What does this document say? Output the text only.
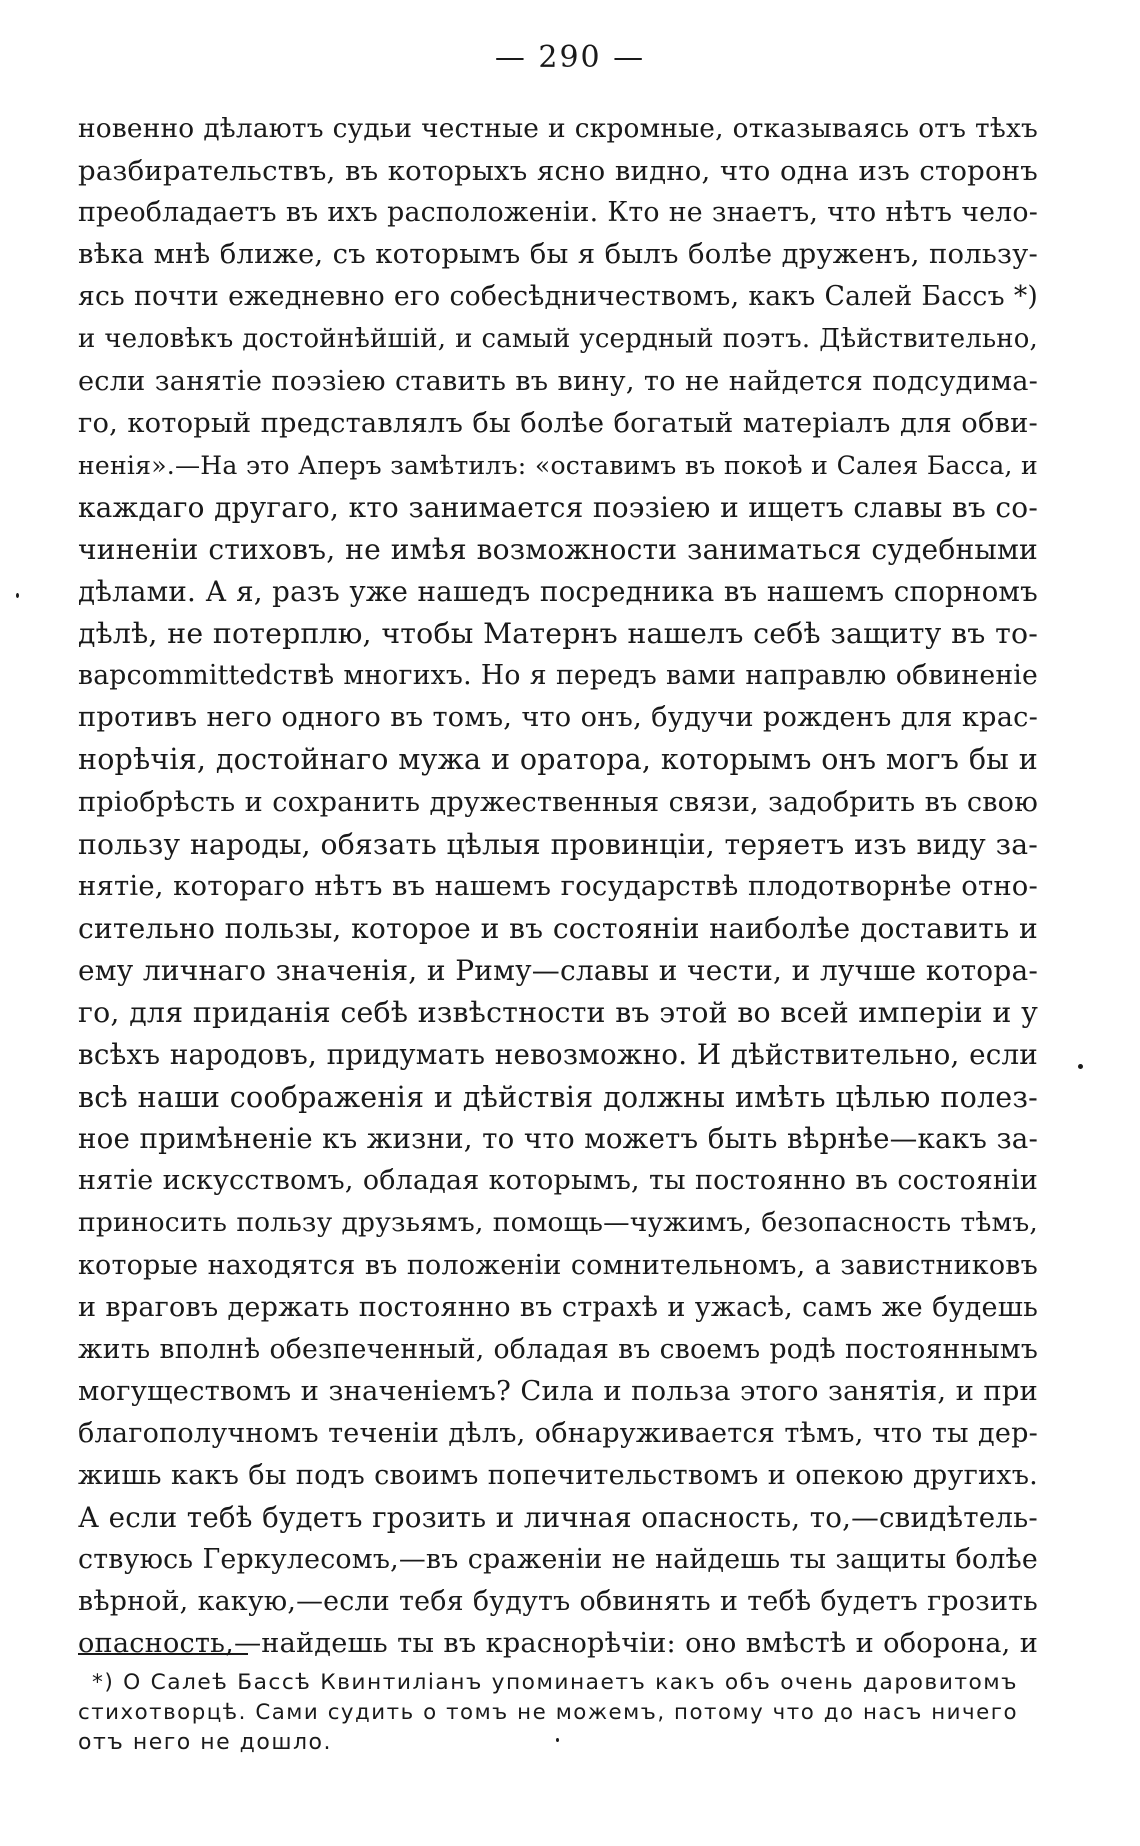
— 290 —
новенно дѣлаютъ судьи честные и скромные, отказываясь отъ тѣхъ
разбирательствъ, въ которыхъ ясно видно, что одна изъ сторонъ
преобладаетъ въ ихъ расположеніи. Кто не знаетъ, что нѣтъ чело-
вѣка мнѣ ближе, съ которымъ бы я былъ болѣе друженъ, пользу-
ясь почти ежедневно его собесѣдничествомъ, какъ Салей Бассъ *)
и человѣкъ достойнѣйшій, и самый усердный поэтъ. Дѣйствительно,
если занятіе поэзіею ставить въ вину, то не найдется подсудима-
го, который представлялъ бы болѣе богатый матеріалъ для обви-
ненія».—На это Аперъ замѣтилъ: «оставимъ въ покоѣ и Салея Басса, и
каждаго другаго, кто занимается поэзіею и ищетъ славы въ со-
чиненіи стиховъ, не имѣя возможности заниматься судебными
дѣлами. А я, разъ уже нашедъ посредника въ нашемъ спорномъ
дѣлѣ, не потерплю, чтобы Матернъ нашелъ себѣ защиту въ то-
варcommittedствѣ многихъ. Но я передъ вами направлю обвиненіе
противъ него одного въ томъ, что онъ, будучи рожденъ для крас-
норѣчія, достойнаго мужа и оратора, которымъ онъ могъ бы и
пріобрѣсть и сохранить дружественныя связи, задобрить въ свою
пользу народы, обязать цѣлыя провинціи, теряетъ изъ виду за-
нятіе, котораго нѣтъ въ нашемъ государствѣ плодотворнѣе отно-
сительно пользы, которое и въ состояніи наиболѣе доставить и
ему личнаго значенія, и Риму—славы и чести, и лучше котора-
го, для приданія себѣ извѣстности въ этой во всей имперіи и у
всѣхъ народовъ, придумать невозможно. И дѣйствительно, если
всѣ наши соображенія и дѣйствія должны имѣть цѣлью полез-
ное примѣненіе къ жизни, то что можетъ быть вѣрнѣе—какъ за-
нятіе искусствомъ, обладая которымъ, ты постоянно въ состояніи
приносить пользу друзьямъ, помощь—чужимъ, безопасность тѣмъ,
которые находятся въ положеніи сомнительномъ, а завистниковъ
и враговъ держать постоянно въ страхѣ и ужасѣ, самъ же будешь
жить вполнѣ обезпеченный, обладая въ своемъ родѣ постояннымъ
могуществомъ и значеніемъ? Сила и польза этого занятія, и при
благополучномъ теченіи дѣлъ, обнаруживается тѣмъ, что ты дер-
жишь какъ бы подъ своимъ попечительствомъ и опекою другихъ.
А если тебѣ будетъ грозить и личная опасность, то,—свидѣтель-
ствуюсь Геркулесомъ,—въ сраженіи не найдешь ты защиты болѣе
вѣрной, какую,—если тебя будутъ обвинять и тебѣ будетъ грозить
опасность,—найдешь ты въ краснорѣчіи: оно вмѣстѣ и оборона, и
*) О Салеѣ Бассѣ Квинтиліанъ упоминаетъ какъ объ очень даровитомъ
стихотворцѣ. Сами судить о томъ не можемъ, потому что до насъ ничего
отъ него не дошло.
